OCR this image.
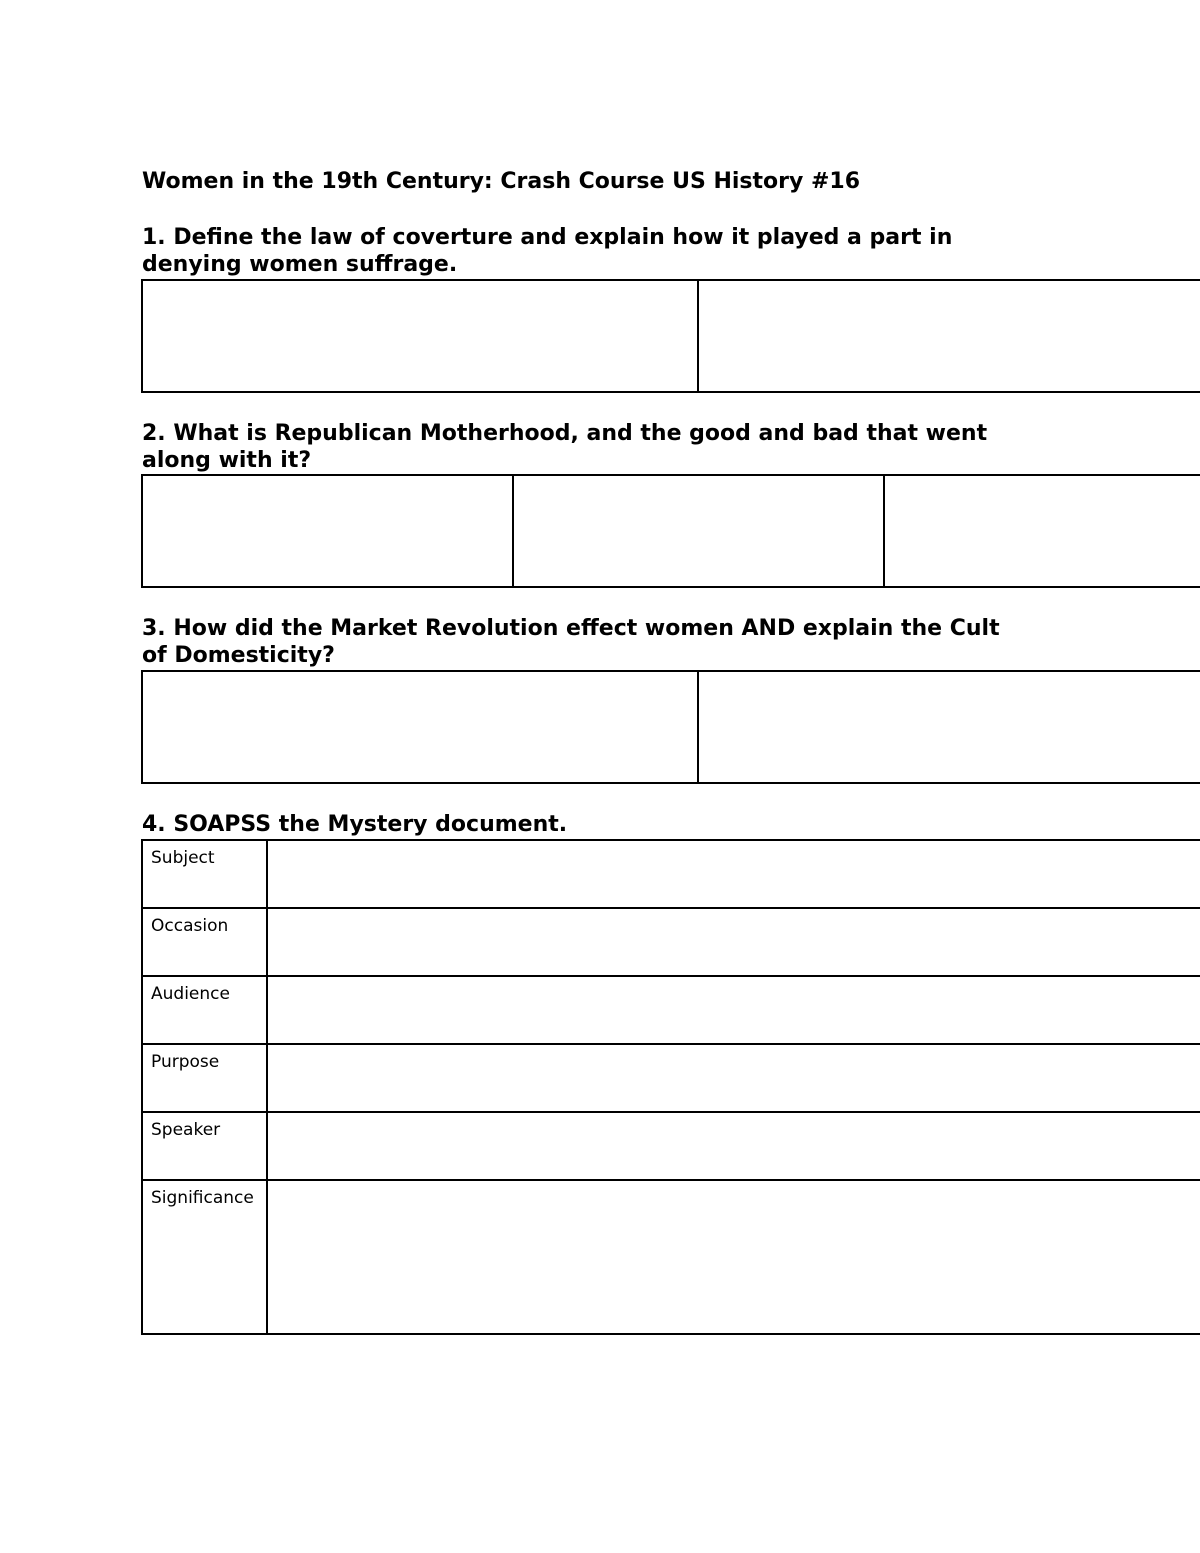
Women in the 19th Century: Crash Course US History #16
1. Define the law of coverture and explain how it played a part in
denying women suffrage.

2. What is Republican Motherhood, and the good and bad that went
along with it?

3. How did the Market Revolution effect women AND explain the Cult
of Domesticity?

4. SOAPSS the Mystery document.
Subject	
Occasion	
Audience	
Purpose	
Speaker	
Significance	
